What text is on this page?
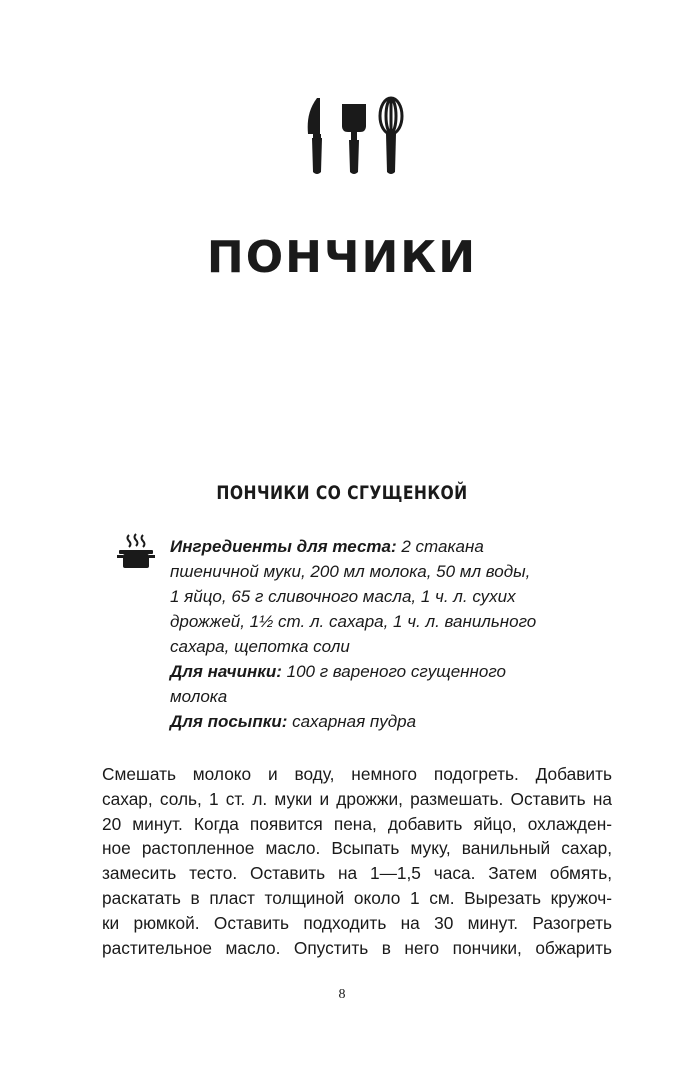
ПОНЧИКИ
ПОНЧИКИ СО СГУЩЕНКОЙ

Ингредиенты для теста: 2 стакана
пшеничной муки, 200 мл молока, 50 мл воды,
1 яйцо, 65 г сливочного масла, 1 ч. л. сухих
дрожжей, 1½ ст. л. сахара, 1 ч. л. ванильного
сахара, щепотка соли

Для начинки: 100 г вареного сгущенного
молока

Для посыпки: сахарная пудра

Смешать молоко и воду, немного подогреть. Добавить
сахар, соль, 1 ст. л. муки и дрожжи, размешать. Оставить на
20 минут. Когда появится пена, добавить яйцо, охлажден-
ное растопленное масло. Всыпать муку, ванильный сахар,
замесить тесто. Оставить на 1—1,5 часа. Затем обмять,
раскатать в пласт толщиной около 1 см. Вырезать кружоч-
ки рюмкой. Оставить подходить на 30 минут. Разогреть
растительное масло. Опустить в него пончики, обжарить
8
